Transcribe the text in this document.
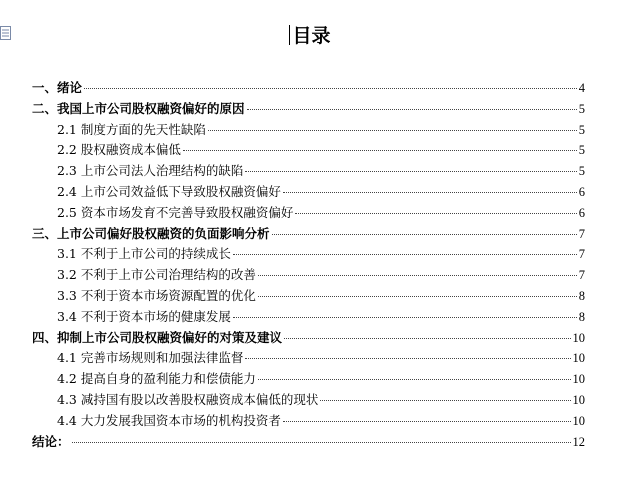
目录
一、绪论	4
二、我国上市公司股权融资偏好的原因	5
2.1 制度方面的先天性缺陷	5
2.2 股权融资成本偏低	5
2.3 上市公司法人治理结构的缺陷	5
2.4 上市公司效益低下导致股权融资偏好	6
2.5 资本市场发育不完善导致股权融资偏好	6
三、上市公司偏好股权融资的负面影响分析	7
3.1 不利于上市公司的持续成长	7
3.2 不利于上市公司治理结构的改善	7
3.3 不利于资本市场资源配置的优化	8
3.4 不利于资本市场的健康发展	8
四、抑制上市公司股权融资偏好的对策及建议	10
4.1 完善市场规则和加强法律监督	10
4.2 提高自身的盈利能力和偿债能力	10
4.3 减持国有股以改善股权融资成本偏低的现状	10
4.4 大力发展我国资本市场的机构投资者	10
结论：	12
